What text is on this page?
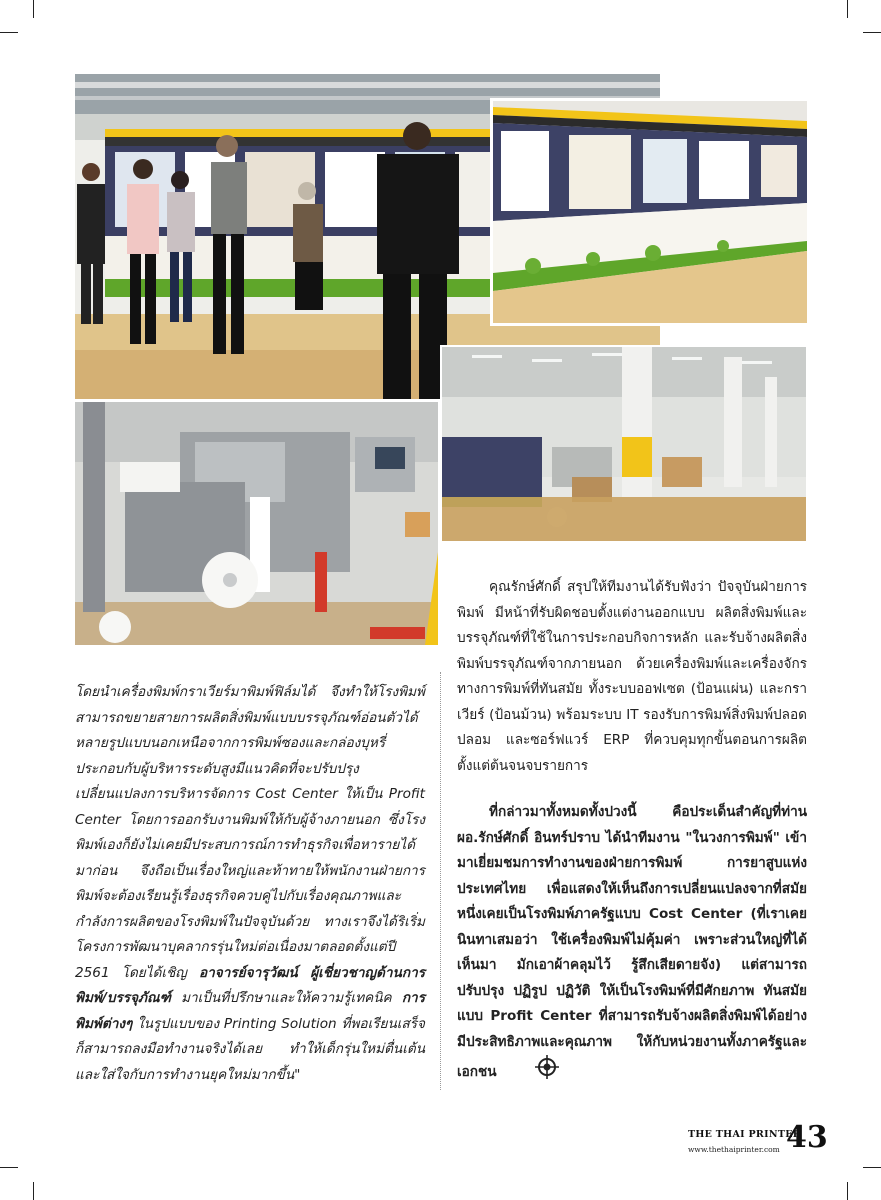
โดยนำเครื่องพิมพ์กราเวียร์มาพิมพ์ฟิล์มได้ จึงทำให้โรงพิมพ์สามารถขยายสายการผลิตสิ่งพิมพ์แบบบรรจุภัณฑ์อ่อนตัวได้หลายรูปแบบนอกเหนือจากการพิมพ์ซองและกล่องบุหรี่ ประกอบกับผู้บริหารระดับสูงมีแนวคิดที่จะปรับปรุงเปลี่ยนแปลงการบริหารจัดการ Cost Center ให้เป็น Profit Center โดยการออกรับงานพิมพ์ให้กับผู้จ้างภายนอก ซึ่งโรงพิมพ์เองก็ยังไม่เคยมีประสบการณ์การทำธุรกิจเพื่อหารายได้มาก่อน จึงถือเป็นเรื่องใหญ่และท้าทายให้พนักงานฝ่ายการพิมพ์จะต้องเรียนรู้เรื่องธุรกิจควบคู่ไปกับเรื่องคุณภาพและกำลังการผลิตของโรงพิมพ์ในปัจจุบันด้วย ทางเราจึงได้ริเริ่มโครงการพัฒนาบุคลากรรุ่นใหม่ต่อเนื่องมาตลอดตั้งแต่ปี 2561 โดยได้เชิญ อาจารย์จารุวัฒน์ ผู้เชี่ยวชาญด้านการพิมพ์/บรรจุภัณฑ์ มาเป็นที่ปรึกษาและให้ความรู้เทคนิค การพิมพ์ต่างๆ ในรูปแบบของ Printing Solution ที่พอเรียนเสร็จก็สามารถลงมือทำงานจริงได้เลย ทำให้เด็กรุ่นใหม่ตื่นเต้นและใส่ใจกับการทำงานยุคใหม่มากขึ้น"

คุณรักษ์ศักดิ์ สรุปให้ทีมงานได้รับฟังว่า ปัจจุบันฝ่ายการพิมพ์ มีหน้าที่รับผิดชอบตั้งแต่งานออกแบบ ผลิตสิ่งพิมพ์และบรรจุภัณฑ์ที่ใช้ในการประกอบกิจการหลัก และรับจ้างผลิตสิ่งพิมพ์บรรจุภัณฑ์จากภายนอก ด้วยเครื่องพิมพ์และเครื่องจักรทางการพิมพ์ที่ทันสมัย ทั้งระบบออฟเซต (ป้อนแผ่น) และกราเวียร์ (ป้อนม้วน) พร้อมระบบ IT รองรับการพิมพ์สิ่งพิมพ์ปลอดปลอม และซอร์ฟแวร์ ERP ที่ควบคุมทุกขั้นตอนการผลิตตั้งแต่ต้นจนจบรายการ

ที่กล่าวมาทั้งหมดทั้งปวงนี้ คือประเด็นสำคัญที่ท่าน ผอ.รักษ์ศักดิ์ อินทร์ปราบ ได้นำทีมงาน "ในวงการพิมพ์" เข้ามาเยี่ยมชมการทำงานของฝ่ายการพิมพ์ การยาสูบแห่งประเทศไทย เพื่อแสดงให้เห็นถึงการเปลี่ยนแปลงจากที่สมัยหนึ่งเคยเป็นโรงพิมพ์ภาครัฐแบบ Cost Center (ที่เราเคยนินทาเสมอว่า ใช้เครื่องพิมพ์ไม่คุ้มค่า เพราะส่วนใหญ่ที่ได้เห็นมา มักเอาผ้าคลุมไว้ รู้สึกเสียดายจัง) แต่สามารถปรับปรุง ปฏิรูป ปฏิวัติ ให้เป็นโรงพิมพ์ที่มีศักยภาพ ทันสมัย แบบ Profit Center ที่สามารถรับจ้างผลิตสิ่งพิมพ์ได้อย่างมีประสิทธิภาพและคุณภาพ ให้กับหน่วยงานทั้งภาครัฐและเอกชน

THE THAI PRINTER
www.thethaiprinter.com 43
